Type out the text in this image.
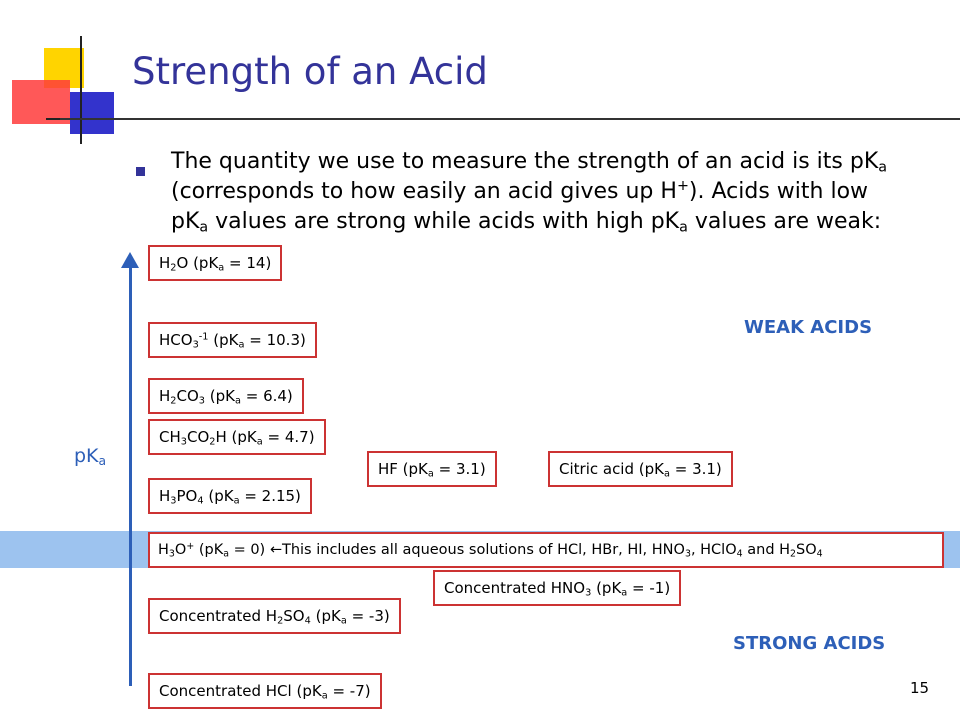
Strength of an Acid
The quantity we use to measure the strength of an acid is its $pK_a$
(corresponds to how easily an acid gives up H+). Acids with low
$pK_a$ values are strong while acids with high $pK_a$ values are weak:
$pK_a$
WEAK ACIDS
STRONG ACIDS
$H_2O$ $(pK_a = 14)$
$HCO_3^{-1}$ $(pK_a = 10.3)$
$H_2CO_3$ $(pK_a = 6.4)$
$CH_3CO_2H$ $(pK_a = 4.7)$
HF $(pK_a = 3.1)$	Citric acid $(pK_a = 3.1)$
$H_3PO_4$ $(pK_a = 2.15)$
$H_3O^+$ $(pK_a = 0)$ ←This includes all aqueous solutions of HCl, HBr, HI, $HNO_3$, HClO$_4$ and $H_2SO_4$
Concentrated $HNO_3$ $(pK_a = -1)$
Concentrated $H_2SO_4$ $(pK_a = -3)$
Concentrated HCl $(pK_a = -7)$	15
